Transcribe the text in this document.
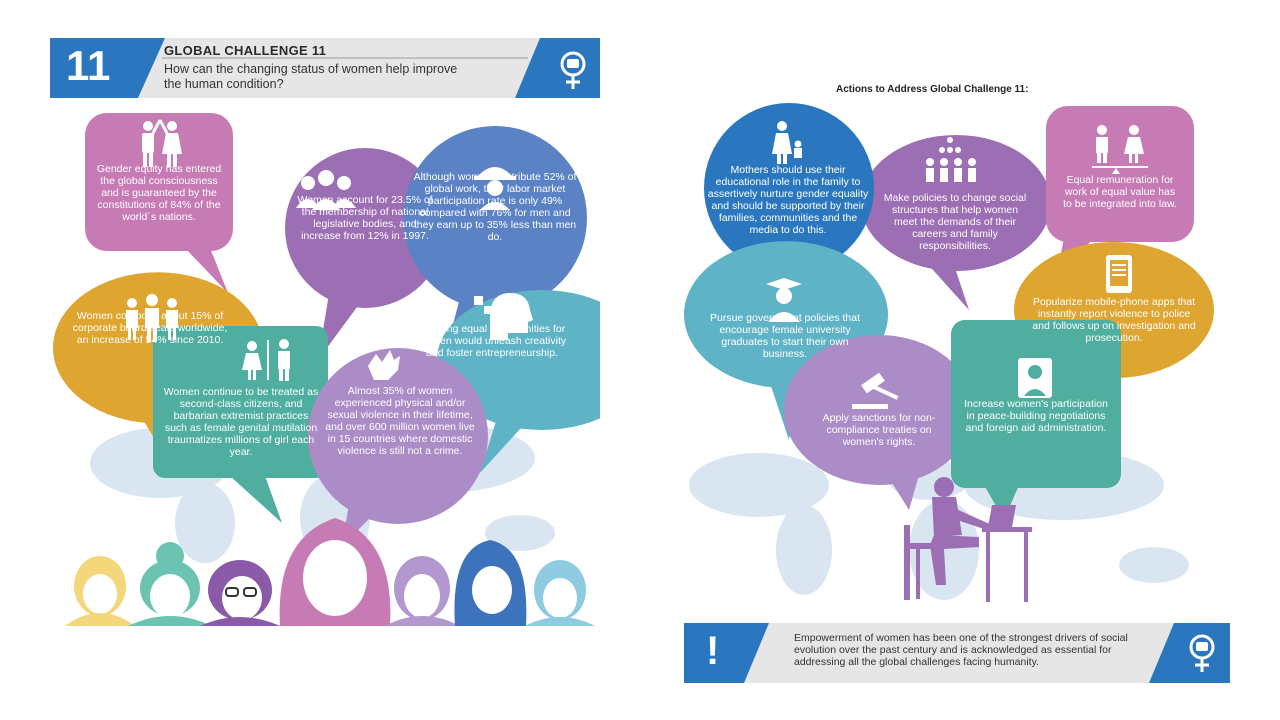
11	GLOBAL CHALLENGE 11
How can the changing status of women help improve the human condition?
Gender equity has entered the global consciousness and is guaranteed by the constitutions of 84% of the world´s nations.
Women account for 23.5% of the membership of national legislative bodies, and increase from 12% in 1997.
Although women contribute 52% of global work, their labor market participation rate is only 49% compared with 76% for men and they earn up to 35% less than men do.
Women compose about 15% of corporate board seats worldwide, an increase of 54% since 2010.
Creating equal opportunities for women would unleash creativity and foster entrepreneurship.
Women continue to be treated as second-class citizens, and barbarian extremist practices such as female genital mutilation traumatizes millions of girl each year.
Almost 35% of women experienced physical and/or sexual violence in their lifetime, and over 600 million women live in 15 countries where domestic violence is still not a crime.
Actions to Address Global Challenge 11:
Mothers should use their educational role in the family to assertively nurture gender equality and should be supported by their families, communities and the media to do this.
Make policies to change social structures that help women meet the demands of their careers and family responsibilities.
Equal remuneration for work of equal value has to be integrated into law.
Pursue government policies that encourage female university graduates to start their own business.
Popularize mobile-phone apps that instantly report violence to police and follows up on investigation and prosecution.
Apply sanctions for non-compliance treaties on women's rights.
Increase women's participation in peace-building negotiations and foreign aid administration.
!	Empowerment of women has been one of the strongest drivers of social evolution over the past century and is acknowledged as essential for addressing all the global challenges facing humanity.
